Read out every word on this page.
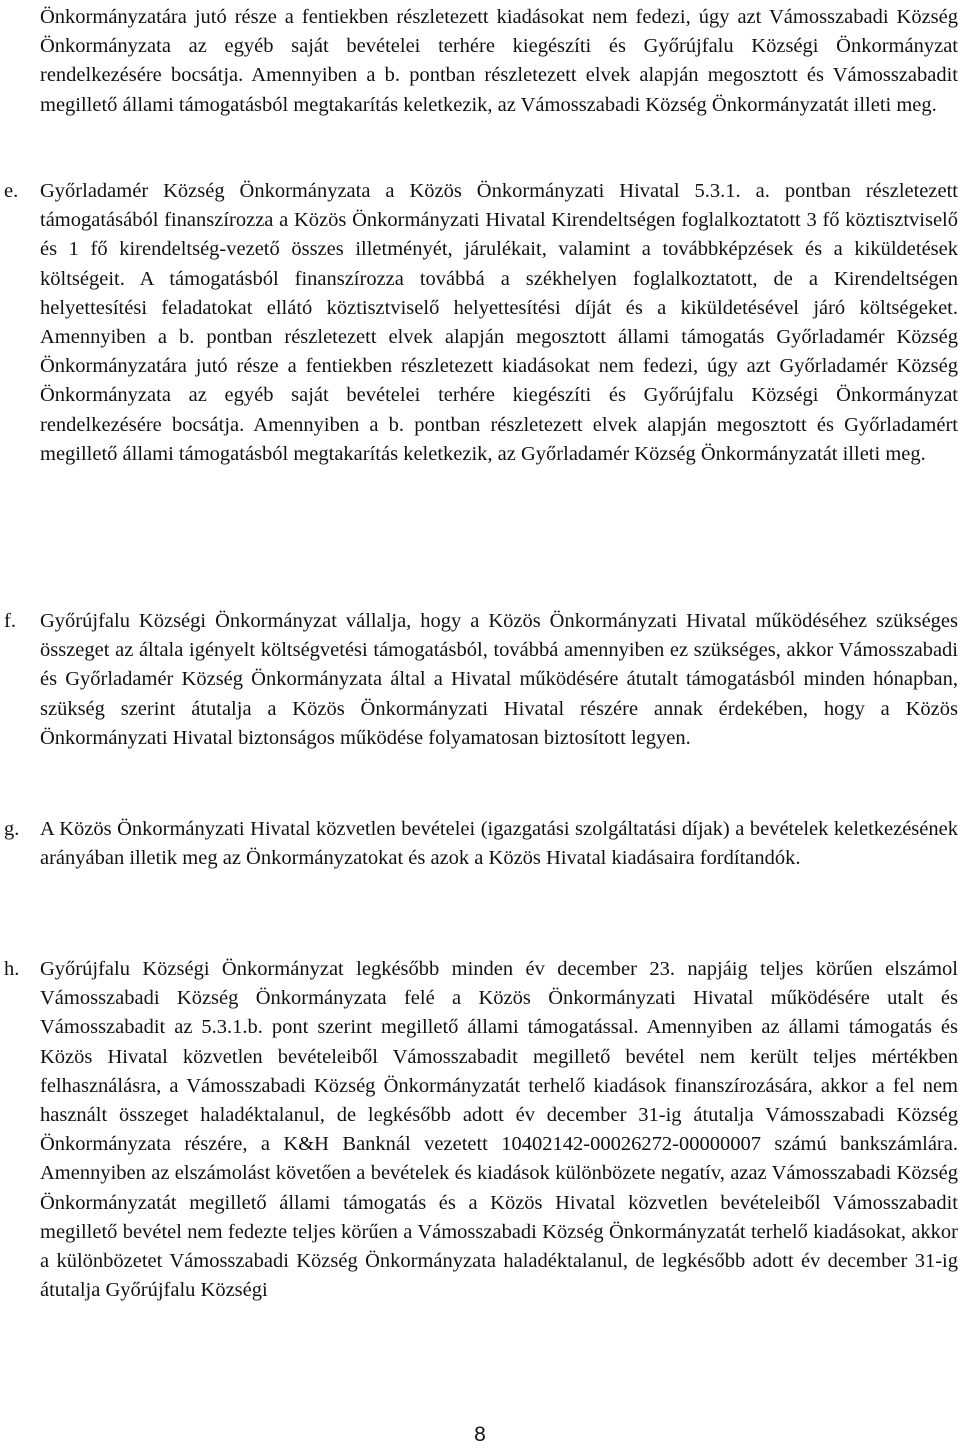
Önkormányzatára jutó része a fentiekben részletezett kiadásokat nem fedezi, úgy azt Vámosszabadi Község Önkormányzata az egyéb saját bevételei terhére kiegészíti és Győrújfalu Községi Önkormányzat rendelkezésére bocsátja. Amennyiben a b. pontban részletezett elvek alapján megosztott és Vámosszabadit megillető állami támogatásból megtakarítás keletkezik, az Vámosszabadi Község Önkormányzatát illeti meg.
e.	Győrladamér Község Önkormányzata a Közös Önkormányzati Hivatal 5.3.1. a. pontban részletezett támogatásából finanszírozza a Közös Önkormányzati Hivatal Kirendeltségen foglalkoztatott 3 fő köztisztviselő és 1 fő kirendeltség-vezető összes illetményét, járulékait, valamint a továbbképzések és a kiküldetések költségeit. A támogatásból finanszírozza továbbá a székhelyen foglalkoztatott, de a Kirendeltségen helyettesítési feladatokat ellátó köztisztviselő helyettesítési díját és a kiküldetésével járó költségeket. Amennyiben a b. pontban részletezett elvek alapján megosztott állami támogatás Győrladamér Község Önkormányzatára jutó része a fentiekben részletezett kiadásokat nem fedezi, úgy azt Győrladamér Község Önkormányzata az egyéb saját bevételei terhére kiegészíti és Győrújfalu Községi Önkormányzat rendelkezésére bocsátja. Amennyiben a b. pontban részletezett elvek alapján megosztott és Győrladamért megillető állami támogatásból megtakarítás keletkezik, az Győrladamér Község Önkormányzatát illeti meg.
f.	Győrújfalu Községi Önkormányzat vállalja, hogy a Közös Önkormányzati Hivatal működéséhez szükséges összeget az általa igényelt költségvetési támogatásból, továbbá amennyiben ez szükséges, akkor Vámosszabadi és Győrladamér Község Önkormányzata által a Hivatal működésére átutalt támogatásból minden hónapban, szükség szerint átutalja a Közös Önkormányzati Hivatal részére annak érdekében, hogy a Közös Önkormányzati Hivatal biztonságos működése folyamatosan biztosított legyen.
g.	A Közös Önkormányzati Hivatal közvetlen bevételei (igazgatási szolgáltatási díjak) a bevételek keletkezésének arányában illetik meg az Önkormányzatokat és azok a Közös Hivatal kiadásaira fordítandók.
h.	Győrújfalu Községi Önkormányzat legkésőbb minden év december 23. napjáig teljes körűen elszámol Vámosszabadi Község Önkormányzata felé a Közös Önkormányzati Hivatal működésére utalt és Vámosszabadit az 5.3.1.b. pont szerint megillető állami támogatással. Amennyiben az állami támogatás és Közös Hivatal közvetlen bevételeiből Vámosszabadit megillető bevétel nem került teljes mértékben felhasználásra, a Vámosszabadi Község Önkormányzatát terhelő kiadások finanszírozására, akkor a fel nem használt összeget haladéktalanul, de legkésőbb adott év december 31-ig átutalja Vámosszabadi Község Önkormányzata részére, a K&H Banknál vezetett 10402142-00026272-00000007 számú bankszámlára. Amennyiben az elszámolást követően a bevételek és kiadások különbözete negatív, azaz Vámosszabadi Község Önkormányzatát megillető állami támogatás és a Közös Hivatal közvetlen bevételeiből Vámosszabadit megillető bevétel nem fedezte teljes körűen a Vámosszabadi Község Önkormányzatát terhelő kiadásokat, akkor a különbözetet Vámosszabadi Község Önkormányzata haladéktalanul, de legkésőbb adott év december 31-ig átutalja Győrújfalu Községi
8
